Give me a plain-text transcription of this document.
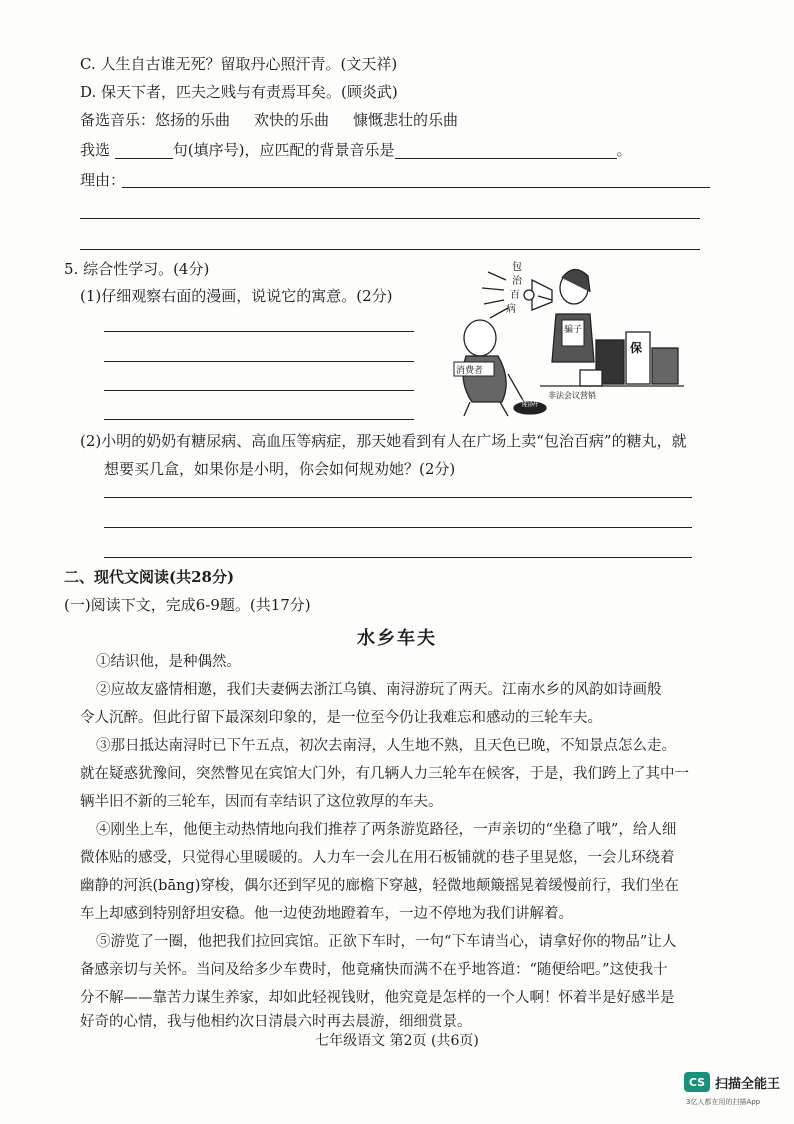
C. 人生自古谁无死？留取丹心照汗青。(文天祥)
D. 保天下者，匹夫之贱与有责焉耳矣。(顾炎武)
备选音乐：悠扬的乐曲 欢快的乐曲 慷慨悲壮的乐曲
我选	句(填序号)，应匹配的背景音乐是	。
理由：
5. 综合性学习。(4分)
(1)仔细观察右面的漫画，说说它的寓意。(2分)
包
治
百
病
骗子
保
消费者
陷阱
非法会议营销
(2)小明的奶奶有糖尿病、高血压等病症，那天她看到有人在广场上卖“包治百病”的糖丸，就
想要买几盒，如果你是小明，你会如何规劝她？(2分)
二、现代文阅读(共28分)
(一)阅读下文，完成6-9题。(共17分)
水乡车夫
①结识他，是种偶然。
②应故友盛情相邀，我们夫妻俩去浙江乌镇、南浔游玩了两天。江南水乡的风韵如诗画般
令人沉醉。但此行留下最深刻印象的，是一位至今仍让我难忘和感动的三轮车夫。
③那日抵达南浔时已下午五点，初次去南浔，人生地不熟，且天色已晚，不知景点怎么走。
就在疑惑犹豫间，突然瞥见在宾馆大门外，有几辆人力三轮车在候客，于是，我们跨上了其中一
辆半旧不新的三轮车，因而有幸结识了这位敦厚的车夫。
④刚坐上车，他便主动热情地向我们推荐了两条游览路径，一声亲切的“坐稳了哦”，给人细
微体贴的感受，只觉得心里暖暖的。人力车一会儿在用石板铺就的巷子里晃悠，一会儿环绕着
幽静的河浜(bāng)穿梭，偶尔还到罕见的廊檐下穿越，轻微地颠簸摇晃着缓慢前行，我们坐在
车上却感到特别舒坦安稳。他一边使劲地蹬着车，一边不停地为我们讲解着。
⑤游览了一圈，他把我们拉回宾馆。正欲下车时，一句“下车请当心，请拿好你的物品”让人
备感亲切与关怀。当问及给多少车费时，他竟痛快而满不在乎地答道：“随便给吧。”这使我十
分不解——靠苦力谋生养家，却如此轻视钱财，他究竟是怎样的一个人啊！怀着半是好感半是
好奇的心情，我与他相约次日清晨六时再去晨游，细细赏景。
七年级语文 第2页 (共6页)
CS 扫描全能王
3亿人都在用的扫描App
